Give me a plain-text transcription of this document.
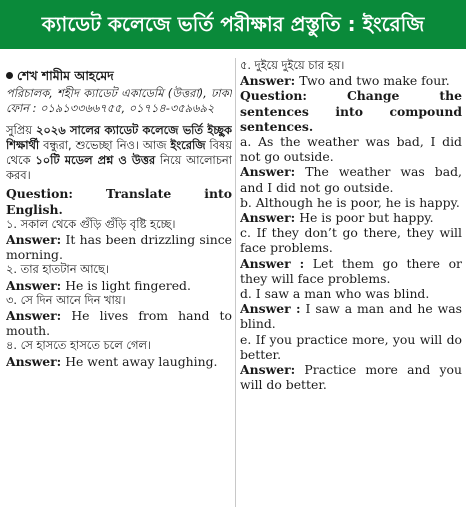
ক্যাডেট কলেজে ভর্তি পরীক্ষার প্রস্তুতি : ইংরেজি
শেখ শামীম আহমেদ

পরিচালক, শহীদ ক্যাডেট একাডেমি (উত্তরা), ঢাকা

ফোন : ০১৯১৩৩৬৬৭৫৫, ০১৭১৪-৩৫৯৬৯২

সুপ্রিয় ২০২৬ সালের ক্যাডেট কলেজে ভর্তি ইচ্ছুক শিক্ষার্থী বন্ধুরা, শুভেচ্ছা নিও। আজ ইংরেজি বিষয় থেকে ১০টি মডেল প্রশ্ন ও উত্তর নিয়ে আলোচনা করব।

Question: Translate into English.

১. সকাল থেকে গুঁড়ি গুঁড়ি বৃষ্টি হচ্ছে।

Answer: It has been drizzling since morning.

২. তার হাতটান আছে।

Answer: He is light fingered.

৩. সে দিন আনে দিন খায়।

Answer: He lives from hand to mouth.

৪. সে হাসতে হাসতে চলে গেল।

Answer: He went away laughing.

৫. দুইয়ে দুইয়ে চার হয়।

Answer: Two and two make four.

Question: Change the sentences into compound sentences.

a. As the weather was bad, I did not go outside.

Answer: The weather was bad, and I did not go outside.

b. Although he is poor, he is happy.

Answer: He is poor but happy.

c. If they don’t go there, they will face problems.

Answer : Let them go there or they will face problems.

d. I saw a man who was blind.

Answer : I saw a man and he was blind.

e. If you practice more, you will do better.

Answer: Practice more and you will do better.
